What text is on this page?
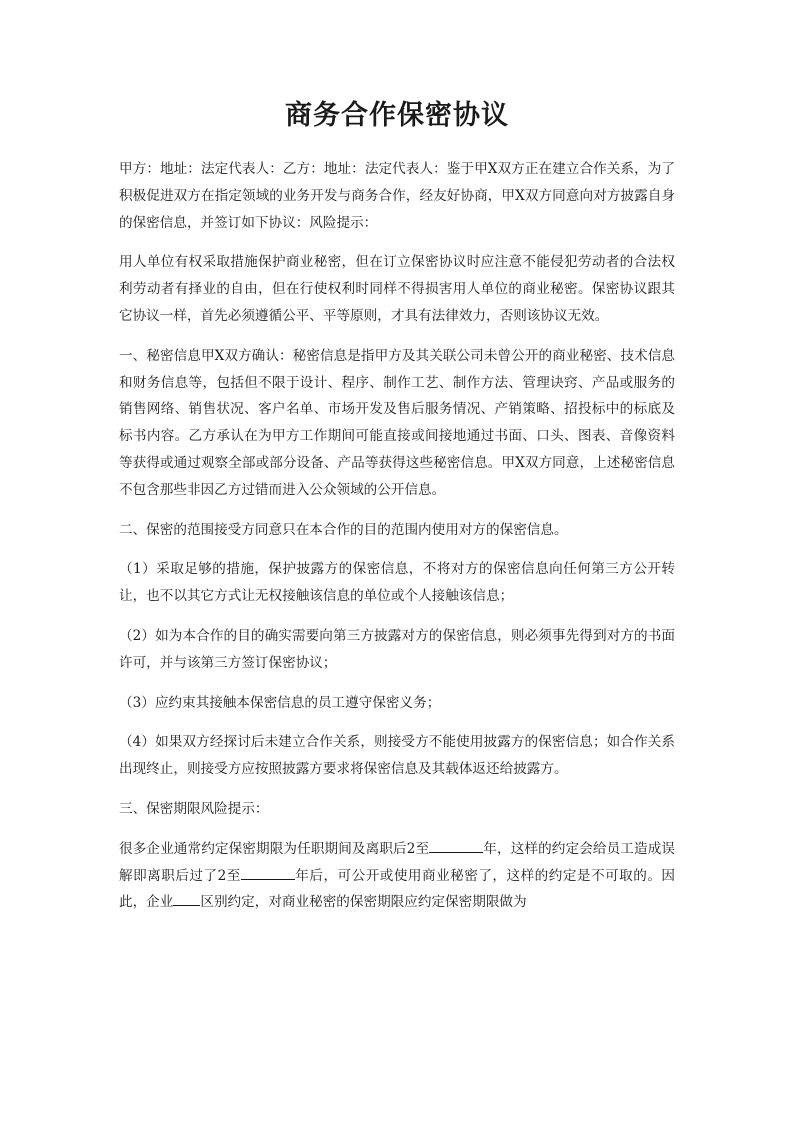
商务合作保密协议

甲方：地址：法定代表人：乙方：地址：法定代表人：鉴于甲X双方正在建立合作关系，为了积极促进双方在指定领域的业务开发与商务合作，经友好协商，甲X双方同意向对方披露自身的保密信息，并签订如下协议：风险提示：

用人单位有权采取措施保护商业秘密，但在订立保密协议时应注意不能侵犯劳动者的合法权利劳动者有择业的自由，但在行使权利时同样不得损害用人单位的商业秘密。保密协议跟其它协议一样，首先必须遵循公平、平等原则，才具有法律效力，否则该协议无效。

一、秘密信息甲X双方确认：秘密信息是指甲方及其关联公司未曾公开的商业秘密、技术信息和财务信息等，包括但不限于设计、程序、制作工艺、制作方法、管理诀窍、产品或服务的销售网络、销售状况、客户名单、市场开发及售后服务情况、产销策略、招投标中的标底及标书内容。乙方承认在为甲方工作期间可能直接或间接地通过书面、口头、图表、音像资料等获得或通过观察全部或部分设备、产品等获得这些秘密信息。甲X双方同意，上述秘密信息不包含那些非因乙方过错而进入公众领域的公开信息。

二、保密的范围接受方同意只在本合作的目的范围内使用对方的保密信息。

（1）采取足够的措施，保护披露方的保密信息，不将对方的保密信息向任何第三方公开转让，也不以其它方式让无权接触该信息的单位或个人接触该信息；

（2）如为本合作的目的确实需要向第三方披露对方的保密信息，则必须事先得到对方的书面许可，并与该第三方签订保密协议；

（3）应约束其接触本保密信息的员工遵守保密义务；

（4）如果双方经探讨后未建立合作关系，则接受方不能使用披露方的保密信息；如合作关系出现终止，则接受方应按照披露方要求将保密信息及其载体返还给披露方。

三、保密期限风险提示：

很多企业通常约定保密期限为任职期间及离职后2至	年，这样的约定会给员工造成误解即离职后过了2至	年后，可公开或使用商业秘密了，这样的约定是不可取的。因此，企业 区别约定，对商业秘密的保密期限应约定保密期限做为
